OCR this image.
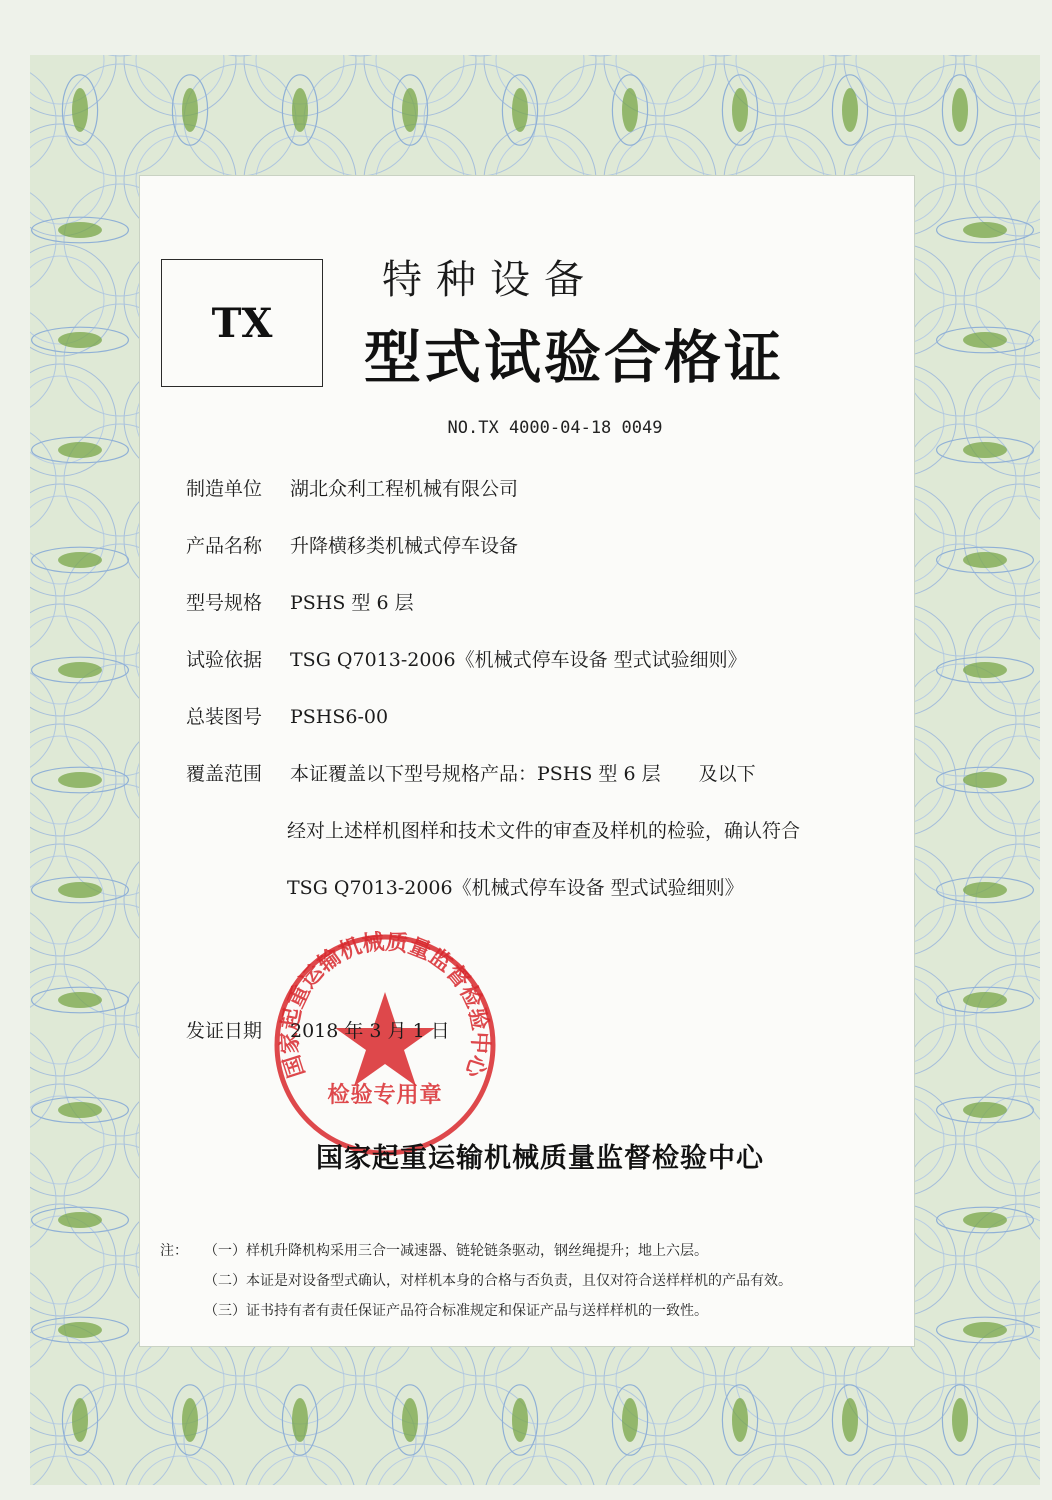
TX
特种设备
型式试验合格证
NO.TX 4000-04-18 0049
制造单位 湖北众利工程机械有限公司
产品名称 升降横移类机械式停车设备
型号规格 PSHS 型 6 层
试验依据 TSG Q7013-2006《机械式停车设备 型式试验细则》
总装图号 PSHS6-00
覆盖范围 本证覆盖以下型号规格产品：PSHS 型 6 层　　及以下
经对上述样机图样和技术文件的审查及样机的检验，确认符合
TSG Q7013-2006《机械式停车设备 型式试验细则》
国家起重运输机械质量监督检验中心
检验专用章
发证日期 2018 年 3 月 1 日
国家起重运输机械质量监督检验中心
注： （一）样机升降机构采用三合一减速器、链轮链条驱动，钢丝绳提升；地上六层。
（二）本证是对设备型式确认，对样机本身的合格与否负责，且仅对符合送样样机的产品有效。
（三）证书持有者有责任保证产品符合标准规定和保证产品与送样样机的一致性。
